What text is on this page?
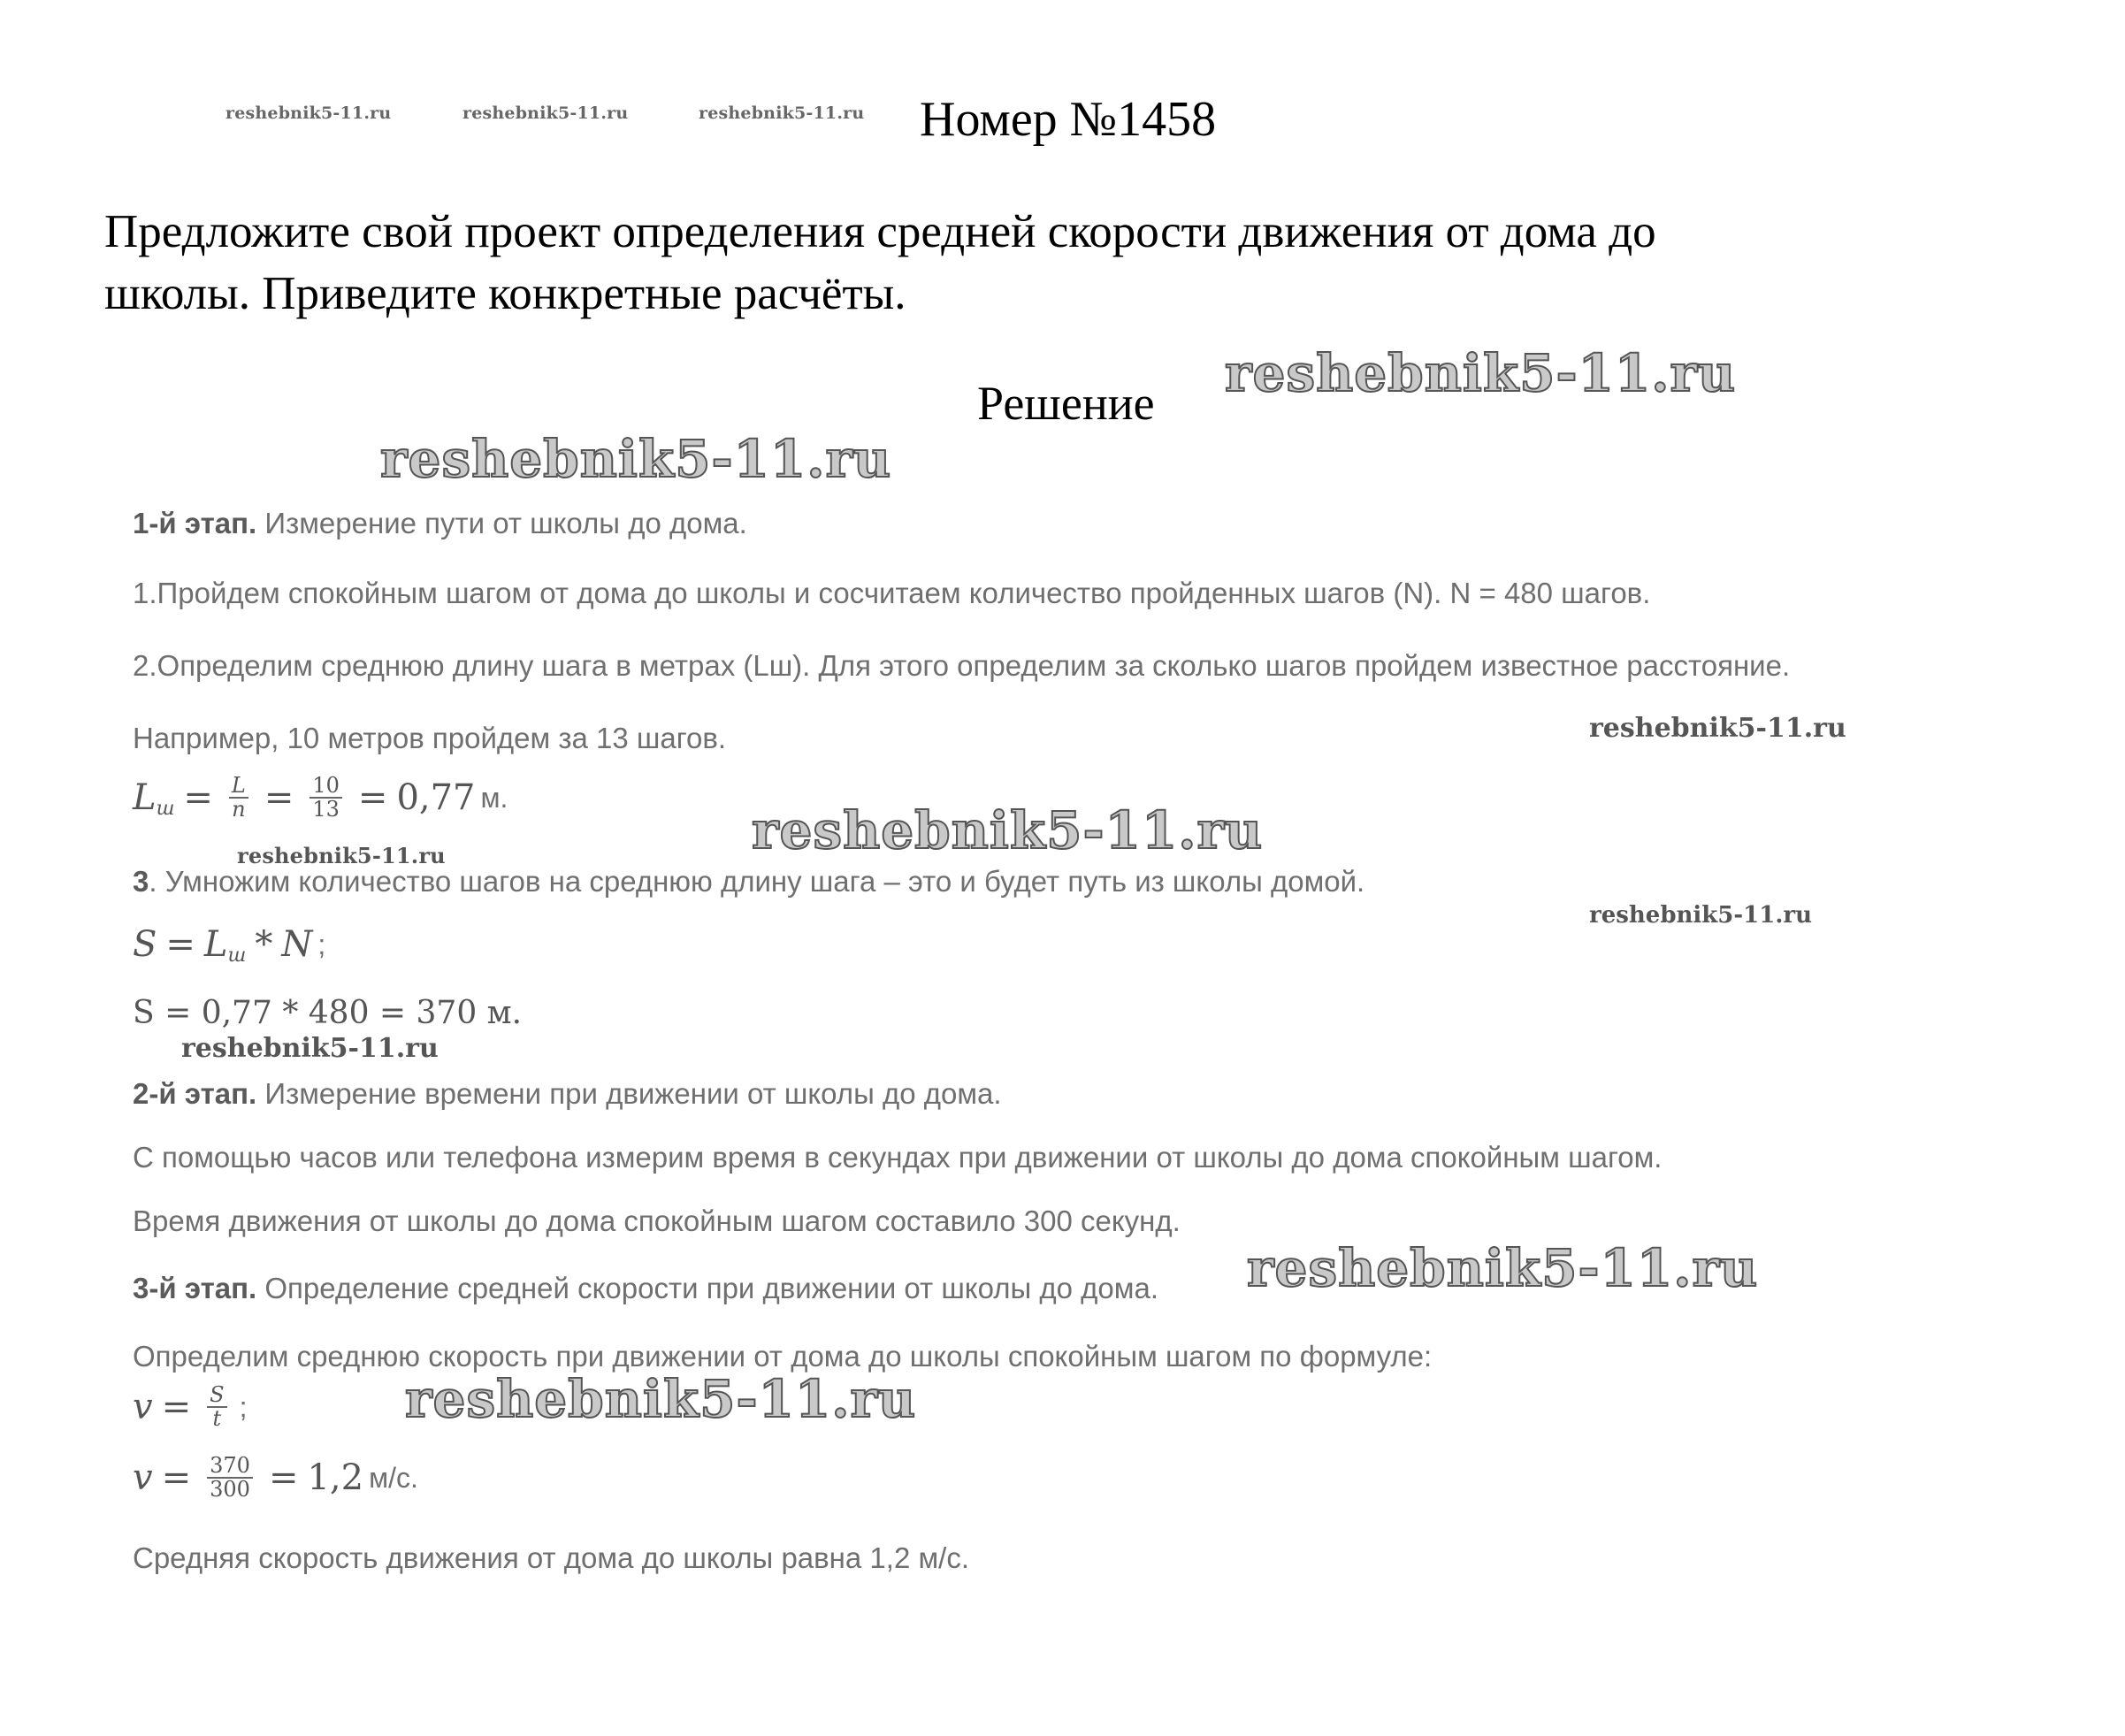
reshebnik5-11.ru	reshebnik5-11.ru	reshebnik5-11.ru Номер №1458
Предложите свой проект определения средней скорости движения от дома до
школы. Приведите конкретные расчёты.
Решение reshebnik5-11.ru
reshebnik5-11.ru
1-й этап. Измерение пути от школы до дома.
1.Пройдем спокойным шагом от дома до школы и сосчитаем количество пройденных шагов (N). N = 480 шагов.
2.Определим среднюю длину шага в метрах (Lш). Для этого определим за сколько шагов пройдем известное расстояние.
Например, 10 метров пройдем за 13 шагов.	reshebnik5-11.ru
L $ш = \frac{L}{n} = \frac{10}{13} = 0,77$ м.
reshebnik5-11.ru
reshebnik5-11.ru
3. Умножим количество шагов на среднюю длину шага – это и будет путь из школы домой.
reshebnik5-11.ru
S = L ш * N ;
S = 0,77 * 480 = 370 м.
reshebnik5-11.ru
2-й этап. Измерение времени при движении от школы до дома.
С помощью часов или телефона измерим время в секундах при движении от школы до дома спокойным шагом.
Время движения от школы до дома спокойным шагом составило 300 секунд.
3-й этап. Определение средней скорости при движении от школы до дома. reshebnik5-11.ru
Определим среднюю скорость при движении от дома до школы спокойным шагом по формуле:
$v = \frac{S}{t}$ ;	reshebnik5-11.ru
$v = \frac{370}{300} = 1,2$ м/с.
Средняя скорость движения от дома до школы равна 1,2 м/с.
